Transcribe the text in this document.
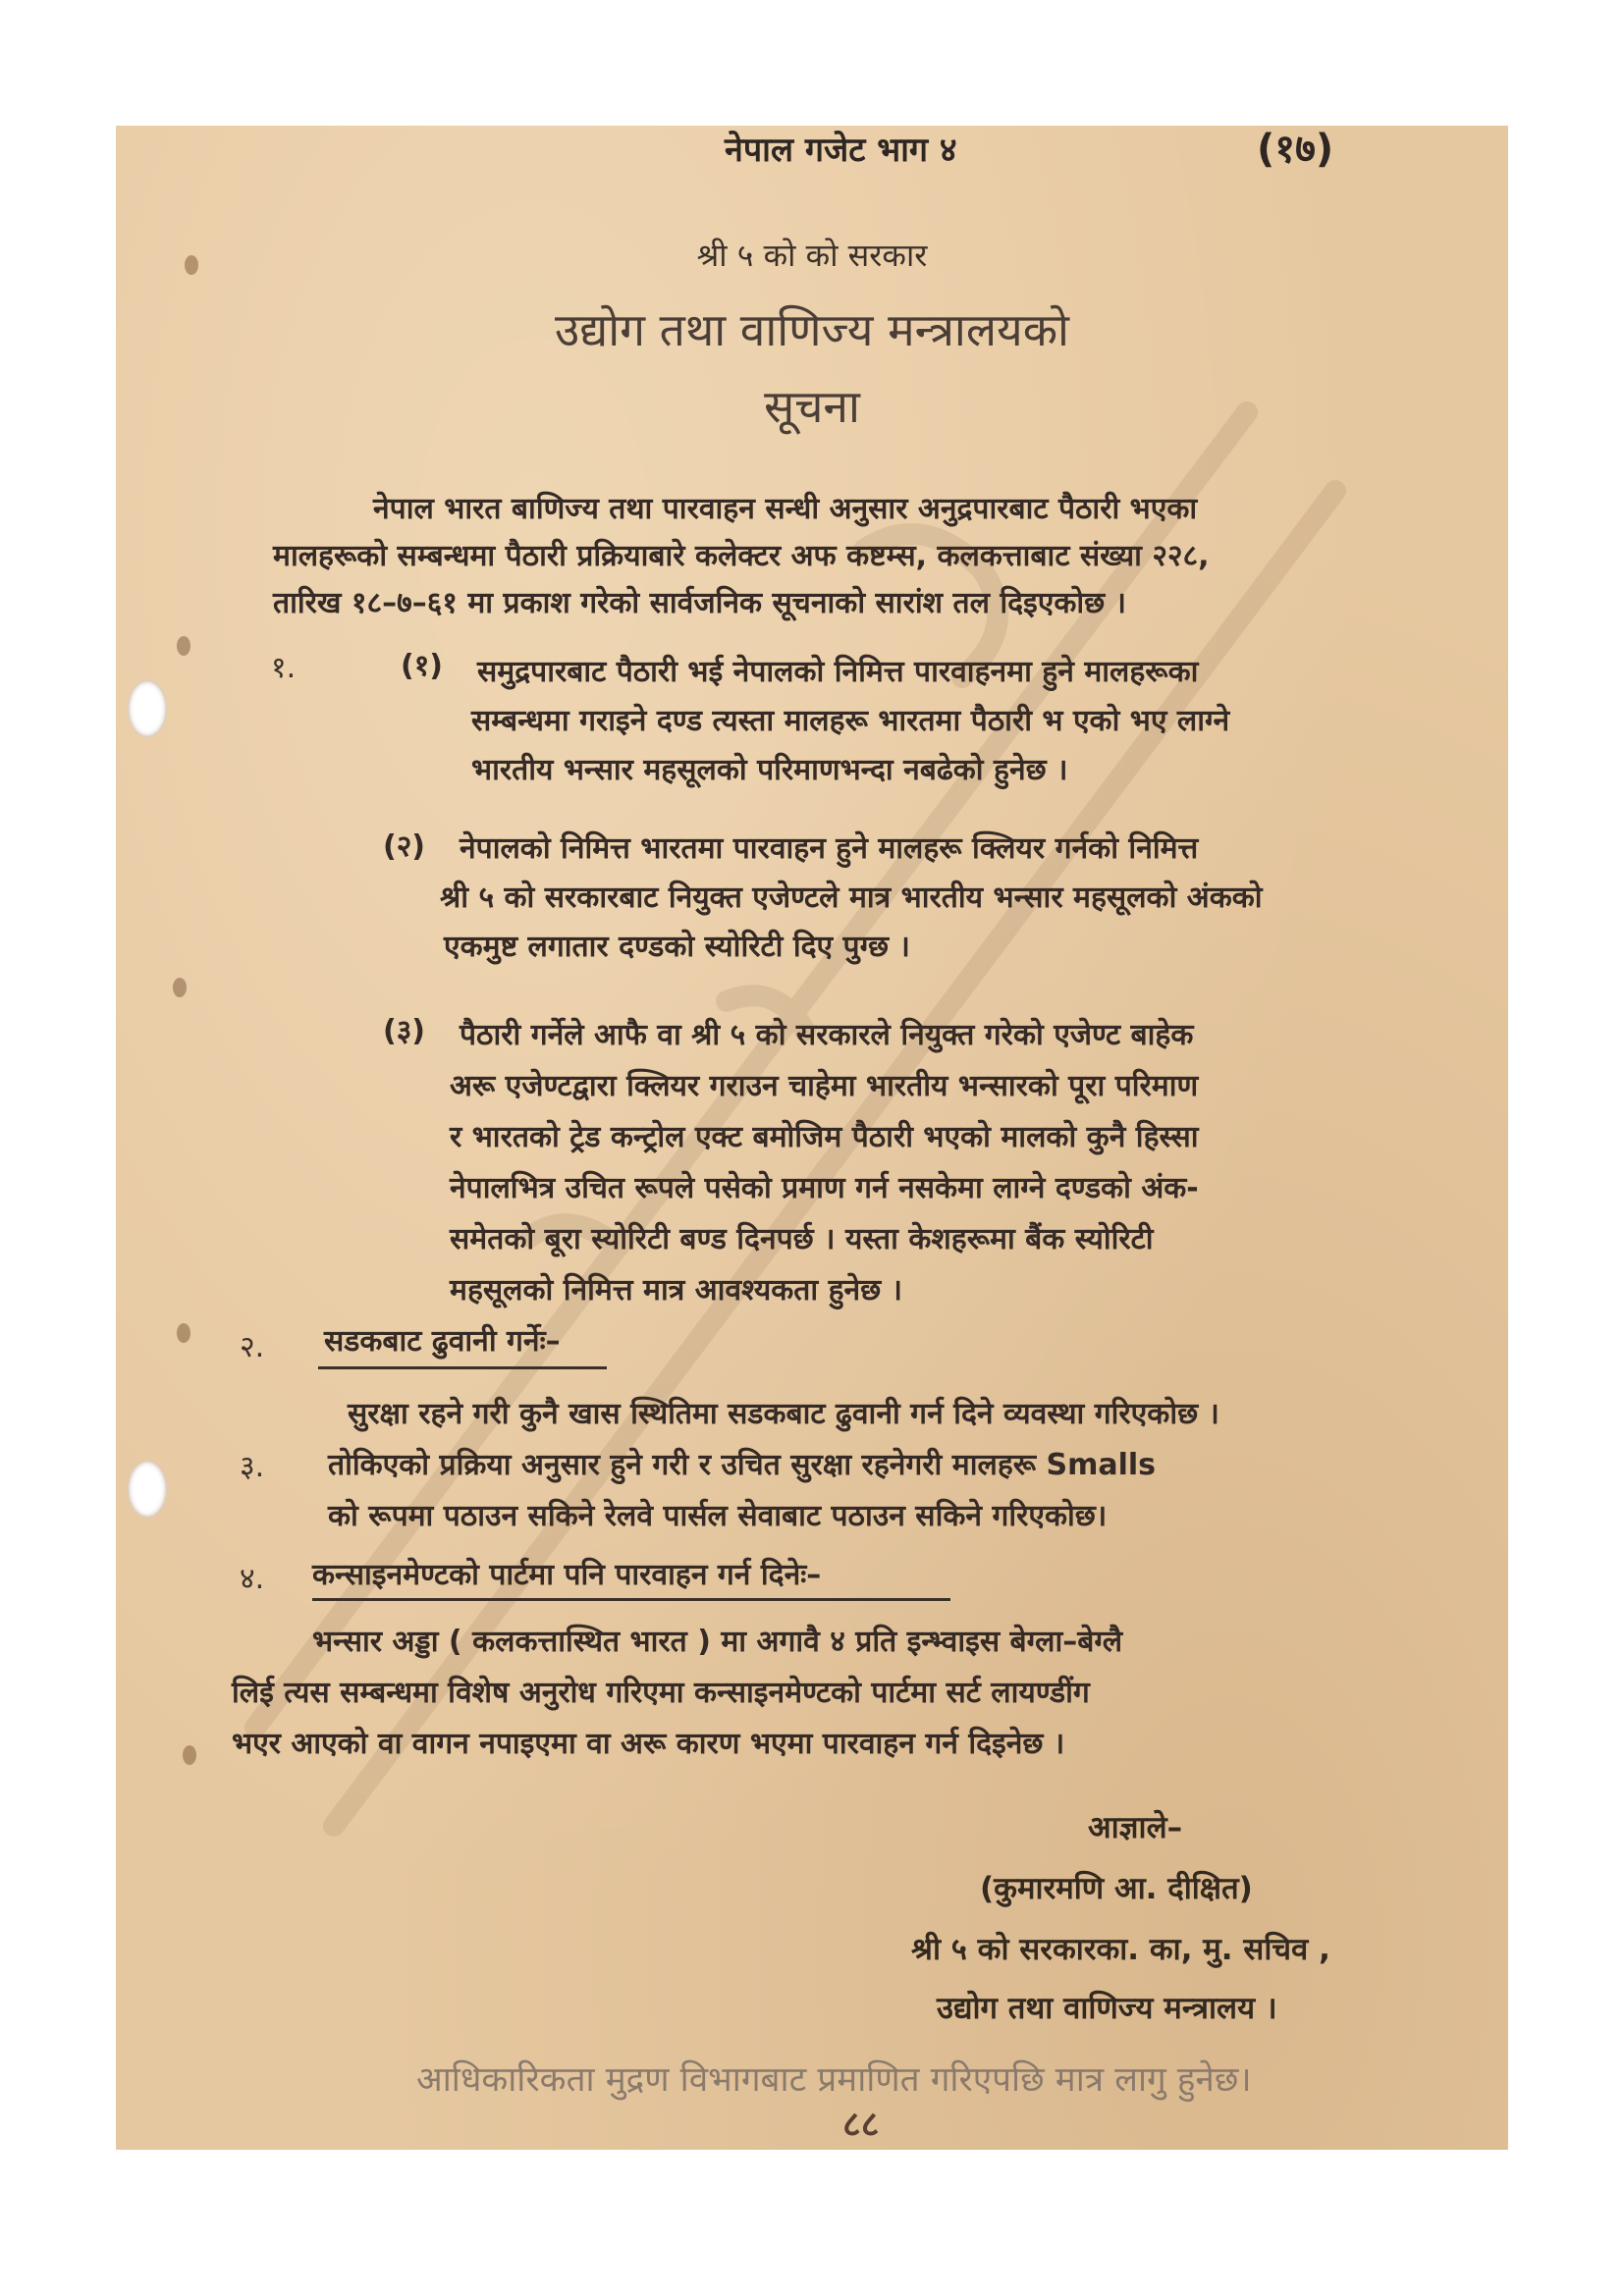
नेपाल गजेट भाग ४	(१७)
श्री ५ को को सरकार
उद्योग तथा वाणिज्य मन्त्रालयको
सूचना
नेपाल भारत बाणिज्य तथा पारवाहन सन्धी अनुसार अनुद्रपारबाट पैठारी भएका
मालहरूको सम्बन्धमा पैठारी प्रक्रियाबारे कलेक्टर अफ कष्टम्स, कलकत्ताबाट संख्या २२८,
तारिख १८–७–६१ मा प्रकाश गरेको सार्वजनिक सूचनाको सारांश तल दिइएकोछ ।
१.	(१) समुद्रपारबाट पैठारी भई नेपालको निमित्त पारवाहनमा हुने मालहरूका
सम्बन्धमा गराइने दण्ड त्यस्ता मालहरू भारतमा पैठारी भ एको भए लाग्ने
भारतीय भन्सार महसूलको परिमाणभन्दा नबढेको हुनेछ ।
(२) नेपालको निमित्त भारतमा पारवाहन हुने मालहरू क्लियर गर्नको निमित्त
श्री ५ को सरकारबाट नियुक्त एजेण्टले मात्र भारतीय भन्सार महसूलको अंकको
एकमुष्ट लगातार दण्डको स्योरिटी दिए पुग्छ ।
(३) पैठारी गर्नेले आफै वा श्री ५ को सरकारले नियुक्त गरेको एजेण्ट बाहेक
अरू एजेण्टद्वारा क्लियर गराउन चाहेमा भारतीय भन्सारको पूरा परिमाण
र भारतको ट्रेड कन्ट्रोल एक्ट बमोजिम पैठारी भएको मालको कुनै हिस्सा
नेपालभित्र उचित रूपले पसेको प्रमाण गर्न नसकेमा लाग्ने दण्डको अंक-
समेतको बूरा स्योरिटी बण्ड दिनपर्छ । यस्ता केशहरूमा बैंक स्योरिटी
महसूलको निमित्त मात्र आवश्यकता हुनेछ ।
२. सडकबाट ढुवानी गर्नेः–
सुरक्षा रहने गरी कुनै खास स्थितिमा सडकबाट ढुवानी गर्न दिने व्यवस्था गरिएकोछ ।
३. तोकिएको प्रक्रिया अनुसार हुने गरी र उचित सुरक्षा रहनेगरी मालहरू Smalls
को रूपमा पठाउन सकिने रेलवे पार्सल सेवाबाट पठाउन सकिने गरिएकोछ।
४. कन्साइनमेण्टको पार्टमा पनि पारवाहन गर्न दिनेः–
भन्सार अड्डा ( कलकत्तास्थित भारत ) मा अगावै ४ प्रति इन्भ्वाइस बेग्ला–बेग्लै
लिई त्यस सम्बन्धमा विशेष अनुरोध गरिएमा कन्साइनमेण्टको पार्टमा सर्ट लायण्डींग
भएर आएको वा वागन नपाइएमा वा अरू कारण भएमा पारवाहन गर्न दिइनेछ ।
आज्ञाले–
(कुमारमणि आ. दीक्षित)
श्री ५ को सरकारका. का, मु. सचिव ,
उद्योग तथा वाणिज्य मन्त्रालय ।
आधिकारिकता मुद्रण विभागबाट प्रमाणित गरिएपछि मात्र लागु हुनेछ।
८८
